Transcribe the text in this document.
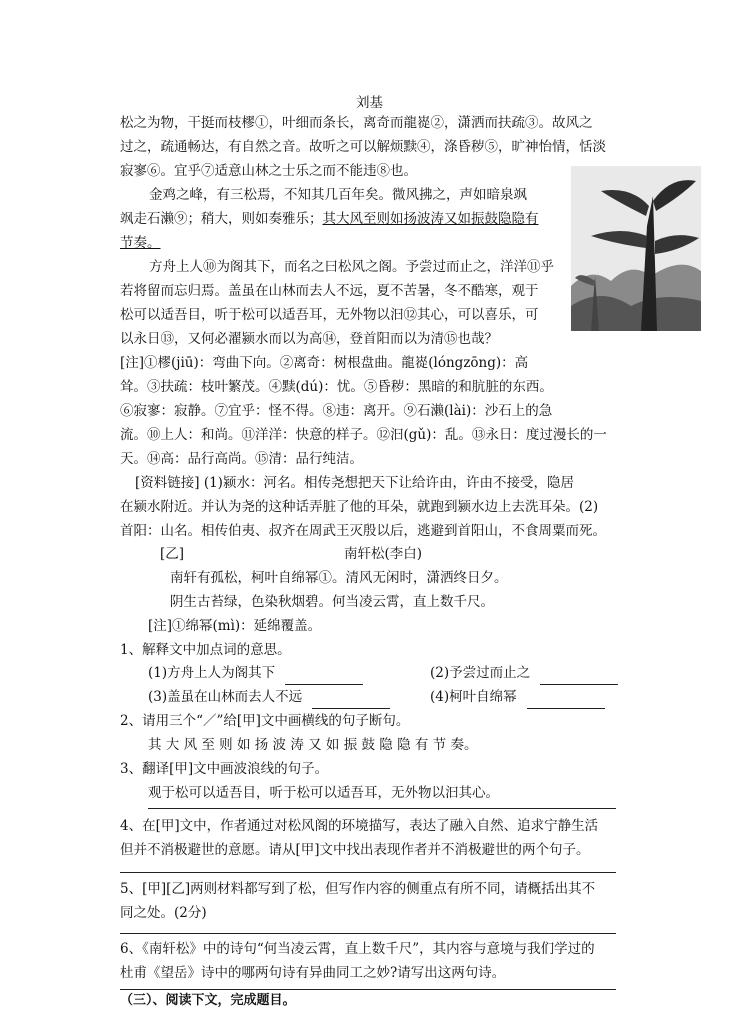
刘基
松之为物，干挺而枝樛①，叶细而条长，离奇而龍嵸②，潇洒而扶疏③。故风之
过之，疏通畅达，有自然之音。故听之可以解烦黩④，涤昏秽⑤，旷神怡情，恬淡
寂寥⑥。宜乎⑦适意山林之士乐之而不能违⑧也。
金鸡之峰，有三松焉，不知其几百年矣。微风拂之，声如暗泉飒
飒走石濑⑨；稍大，则如奏雅乐；其大风至则如扬波涛又如振鼓隐隐有
节奏。
方舟上人⑩为阁其下，而名之曰松风之阁。予尝过而止之，洋洋⑪乎
若将留而忘归焉。盖虽在山林而去人不远，夏不苦暑，冬不酷寒，观于
松可以适吾目，听于松可以适吾耳，无外物以汩⑫其心，可以喜乐，可
以永日⑬，又何必濯颍水而以为高⑭，登首阳而以为清⑮也哉？
[注]①樛(jiū)：弯曲下向。②离奇：树根盘曲。龍嵸(lóngzōng)：高
耸。③扶疏：枝叶繁茂。④黩(dú)：忧。⑤昏秽：黑暗的和肮脏的东西。
⑥寂寥：寂静。⑦宜乎：怪不得。⑧违：离开。⑨石濑(lài)：沙石上的急
流。⑩上人：和尚。⑪洋洋：快意的样子。⑫汩(gǔ)：乱。⑬永日：度过漫长的一
天。⑭高：品行高尚。⑮清：品行纯洁。
[资料链接] (1)颍水：河名。相传尧想把天下让给许由，许由不接受，隐居
在颍水附近。并认为尧的这种话弄脏了他的耳朵，就跑到颍水边上去洗耳朵。(2)
首阳：山名。相传伯夷、叔齐在周武王灭殷以后，逃避到首阳山，不食周粟而死。
[乙]	南轩松(李白)
南轩有孤松，柯叶自绵幂①。清风无闲时，潇洒终日夕。
阴生古苔绿，色染秋烟碧。何当凌云霄，直上数千尺。
[注]①绵幂(mì)：延绵覆盖。
1、解释文中加点词的意思。
(1)方舟上人为阁其下	(2)予尝过而止之
(3)盖虽在山林而去人不远	(4)柯叶自绵幂
2、请用三个“／”给[甲]文中画横线的句子断句。
其 大 风 至 则 如 扬 波 涛 又 如 振 鼓 隐 隐 有 节 奏。
3、翻译[甲]文中画波浪线的句子。
观于松可以适吾目，听于松可以适吾耳，无外物以汩其心。
4、在[甲]文中，作者通过对松风阁的环境描写，表达了融入自然、追求宁静生活
但并不消极避世的意愿。请从[甲]文中找出表现作者并不消极避世的两个句子。
5、[甲][乙]两则材料都写到了松，但写作内容的侧重点有所不同，请概括出其不
同之处。(2分)
6、《南轩松》中的诗句“何当凌云霄，直上数千尺”，其内容与意境与我们学过的
杜甫《望岳》诗中的哪两句诗有异曲同工之妙?请写出这两句诗。
（三）、阅读下文，完成题目。
